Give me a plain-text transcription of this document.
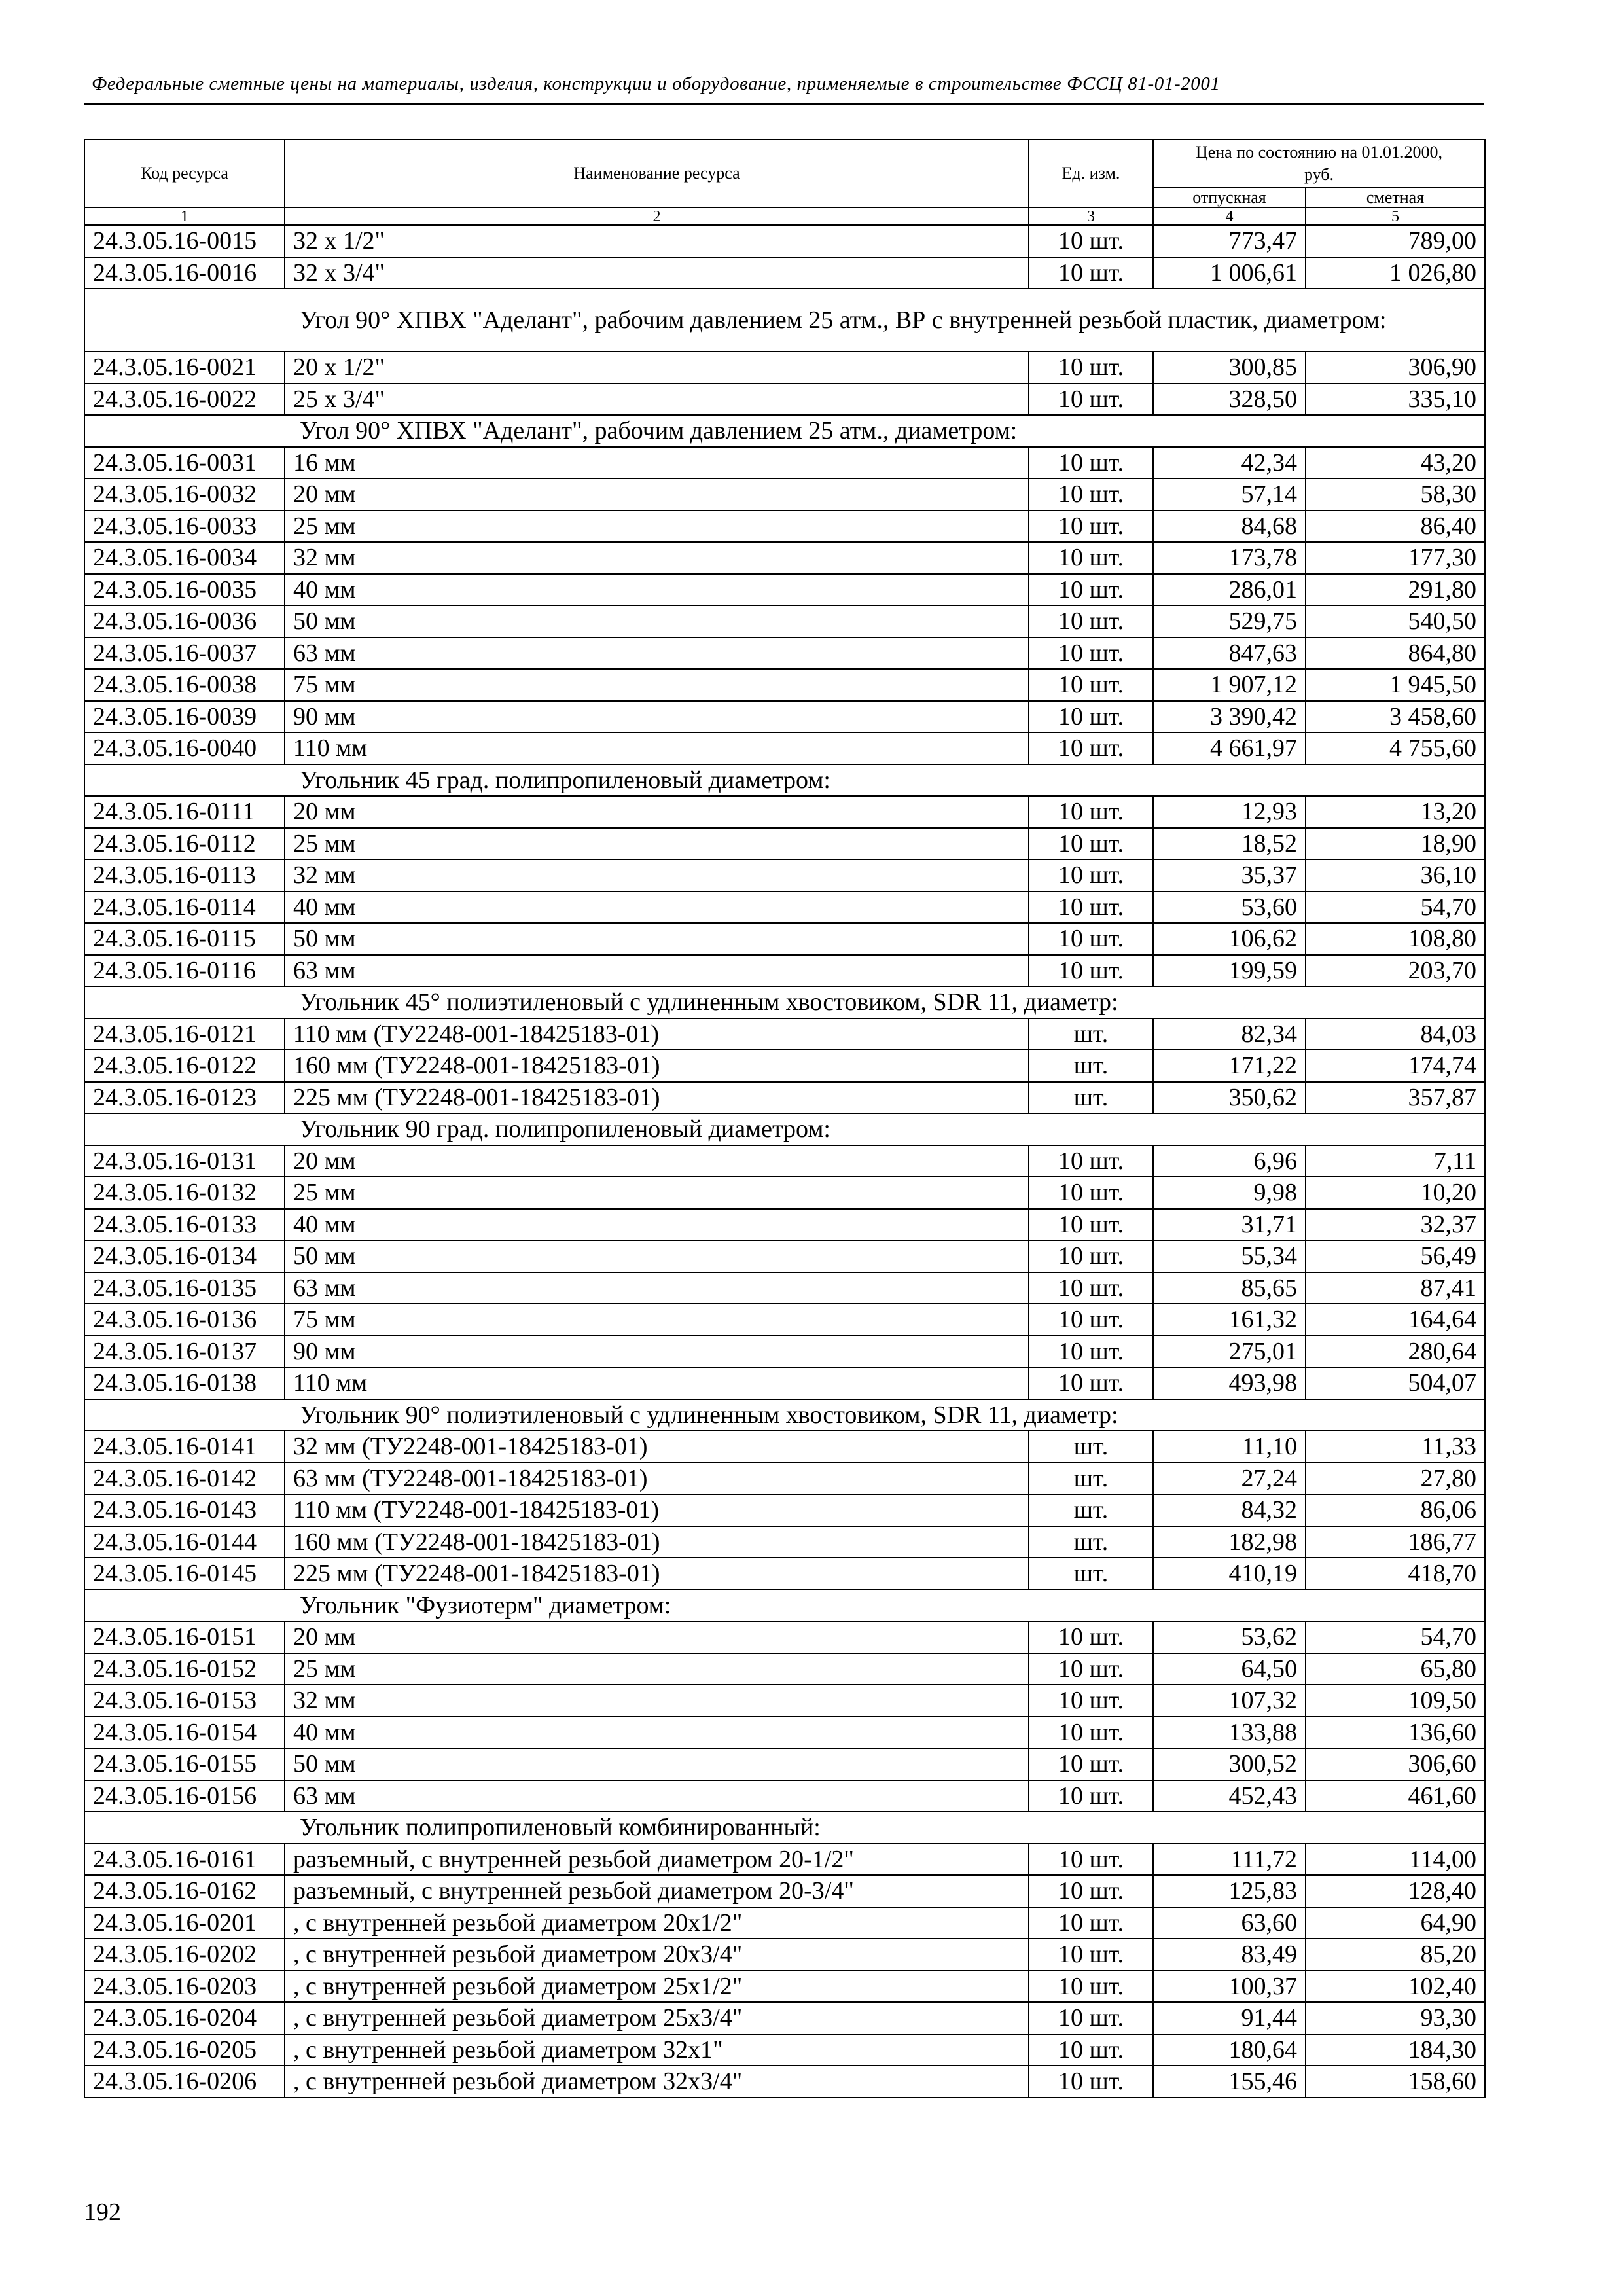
Федеральные сметные цены на материалы, изделия, конструкции и оборудование, применяемые в строительстве ФССЦ 81-01-2001
Код ресурса	Наименование ресурса	Ед. изм.	Цена по состоянию на 01.01.2000, руб.	
			отпускная	сметная
1	2	3	4	5
24.3.05.16-0015	32 x 1/2"	10 шт.	773,47	789,00
24.3.05.16-0016	32 x 3/4"	10 шт.	1 006,61	1 026,80
Угол 90° ХПВХ "Аделант", рабочим давлением 25 атм., ВР с внутренней резьбой пластик, диаметром:				
24.3.05.16-0021	20 x 1/2"	10 шт.	300,85	306,90
24.3.05.16-0022	25 x 3/4"	10 шт.	328,50	335,10
Угол 90° ХПВХ "Аделант", рабочим давлением 25 атм., диаметром:				
24.3.05.16-0031	16 мм	10 шт.	42,34	43,20
24.3.05.16-0032	20 мм	10 шт.	57,14	58,30
24.3.05.16-0033	25 мм	10 шт.	84,68	86,40
24.3.05.16-0034	32 мм	10 шт.	173,78	177,30
24.3.05.16-0035	40 мм	10 шт.	286,01	291,80
24.3.05.16-0036	50 мм	10 шт.	529,75	540,50
24.3.05.16-0037	63 мм	10 шт.	847,63	864,80
24.3.05.16-0038	75 мм	10 шт.	1 907,12	1 945,50
24.3.05.16-0039	90 мм	10 шт.	3 390,42	3 458,60
24.3.05.16-0040	110 мм	10 шт.	4 661,97	4 755,60
Угольник 45 град. полипропиленовый диаметром:				
24.3.05.16-0111	20 мм	10 шт.	12,93	13,20
24.3.05.16-0112	25 мм	10 шт.	18,52	18,90
24.3.05.16-0113	32 мм	10 шт.	35,37	36,10
24.3.05.16-0114	40 мм	10 шт.	53,60	54,70
24.3.05.16-0115	50 мм	10 шт.	106,62	108,80
24.3.05.16-0116	63 мм	10 шт.	199,59	203,70
Угольник 45° полиэтиленовый с удлиненным хвостовиком, SDR 11, диаметр:				
24.3.05.16-0121	110 мм (ТУ2248-001-18425183-01)	шт.	82,34	84,03
24.3.05.16-0122	160 мм (ТУ2248-001-18425183-01)	шт.	171,22	174,74
24.3.05.16-0123	225 мм (ТУ2248-001-18425183-01)	шт.	350,62	357,87
Угольник 90 град. полипропиленовый диаметром:				
24.3.05.16-0131	20 мм	10 шт.	6,96	7,11
24.3.05.16-0132	25 мм	10 шт.	9,98	10,20
24.3.05.16-0133	40 мм	10 шт.	31,71	32,37
24.3.05.16-0134	50 мм	10 шт.	55,34	56,49
24.3.05.16-0135	63 мм	10 шт.	85,65	87,41
24.3.05.16-0136	75 мм	10 шт.	161,32	164,64
24.3.05.16-0137	90 мм	10 шт.	275,01	280,64
24.3.05.16-0138	110 мм	10 шт.	493,98	504,07
Угольник 90° полиэтиленовый с удлиненным хвостовиком, SDR 11, диаметр:				
24.3.05.16-0141	32 мм (ТУ2248-001-18425183-01)	шт.	11,10	11,33
24.3.05.16-0142	63 мм (ТУ2248-001-18425183-01)	шт.	27,24	27,80
24.3.05.16-0143	110 мм (ТУ2248-001-18425183-01)	шт.	84,32	86,06
24.3.05.16-0144	160 мм (ТУ2248-001-18425183-01)	шт.	182,98	186,77
24.3.05.16-0145	225 мм (ТУ2248-001-18425183-01)	шт.	410,19	418,70
Угольник "Фузиотерм" диаметром:				
24.3.05.16-0151	20 мм	10 шт.	53,62	54,70
24.3.05.16-0152	25 мм	10 шт.	64,50	65,80
24.3.05.16-0153	32 мм	10 шт.	107,32	109,50
24.3.05.16-0154	40 мм	10 шт.	133,88	136,60
24.3.05.16-0155	50 мм	10 шт.	300,52	306,60
24.3.05.16-0156	63 мм	10 шт.	452,43	461,60
Угольник полипропиленовый комбинированный:				
24.3.05.16-0161	разъемный, с внутренней резьбой диаметром 20-1/2"	10 шт.	111,72	114,00
24.3.05.16-0162	разъемный, с внутренней резьбой диаметром 20-3/4"	10 шт.	125,83	128,40
24.3.05.16-0201	, с внутренней резьбой диаметром 20x1/2"	10 шт.	63,60	64,90
24.3.05.16-0202	, с внутренней резьбой диаметром 20x3/4"	10 шт.	83,49	85,20
24.3.05.16-0203	, с внутренней резьбой диаметром 25x1/2"	10 шт.	100,37	102,40
24.3.05.16-0204	, с внутренней резьбой диаметром 25x3/4"	10 шт.	91,44	93,30
24.3.05.16-0205	, с внутренней резьбой диаметром 32x1"	10 шт.	180,64	184,30
24.3.05.16-0206	, с внутренней резьбой диаметром 32x3/4"	10 шт.	155,46	158,60
192
